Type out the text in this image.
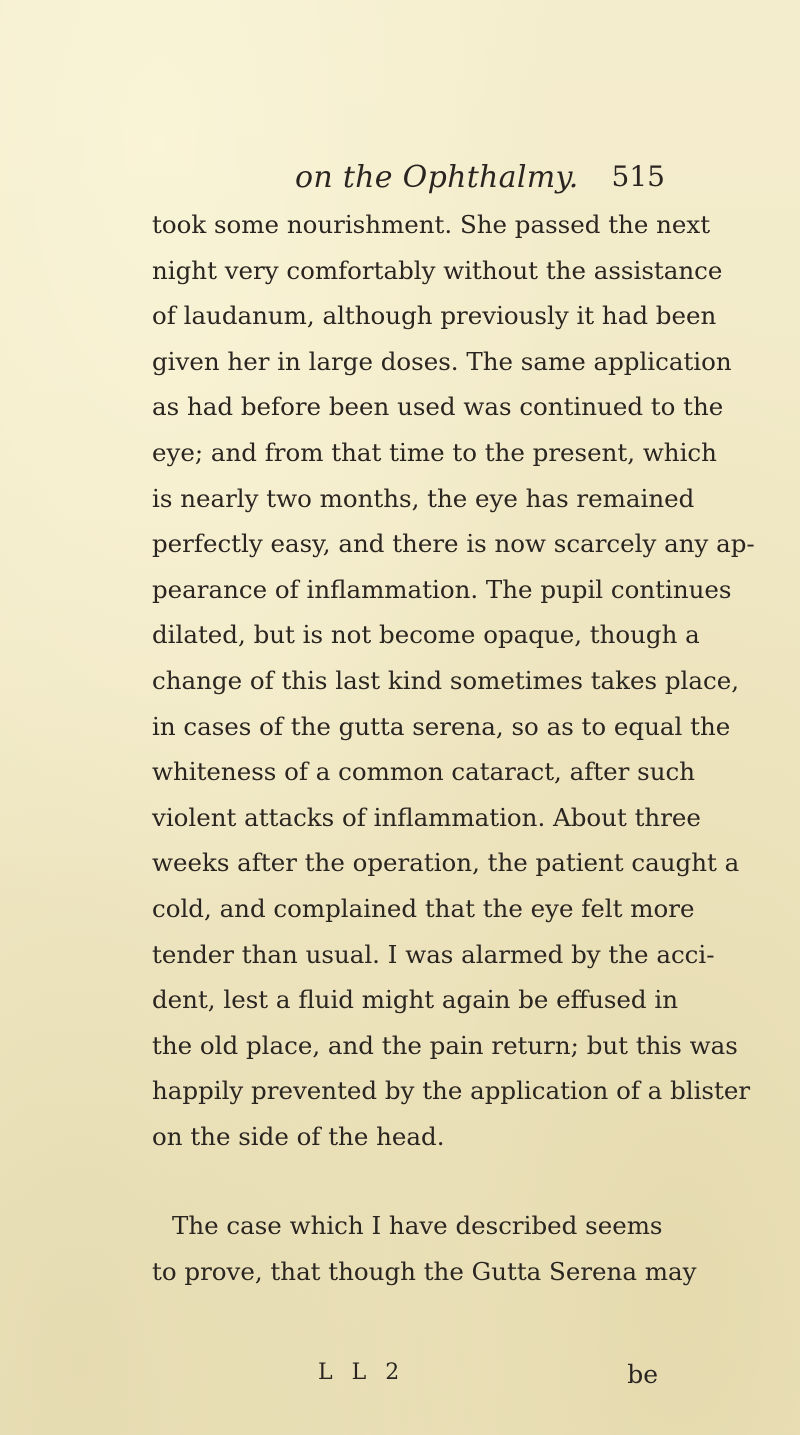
on the Ophthalmy. 515
took some nourishment. She passed the next
night very comfortably without the assistance
of laudanum, although previously it had been
given her in large doses. The same application
as had before been used was continued to the
eye; and from that time to the present, which
is nearly two months, the eye has remained
perfectly easy, and there is now scarcely any ap-
pearance of inflammation. The pupil continues
dilated, but is not become opaque, though a
change of this last kind sometimes takes place,
in cases of the gutta serena, so as to equal the
whiteness of a common cataract, after such
violent attacks of inflammation. About three
weeks after the operation, the patient caught a
cold, and complained that the eye felt more
tender than usual. I was alarmed by the acci-
dent, lest a fluid might again be effused in
the old place, and the pain return; but this was
happily prevented by the application of a blister
on the side of the head.
The case which I have described seems
to prove, that though the Gutta Serena may
L L 2	be
